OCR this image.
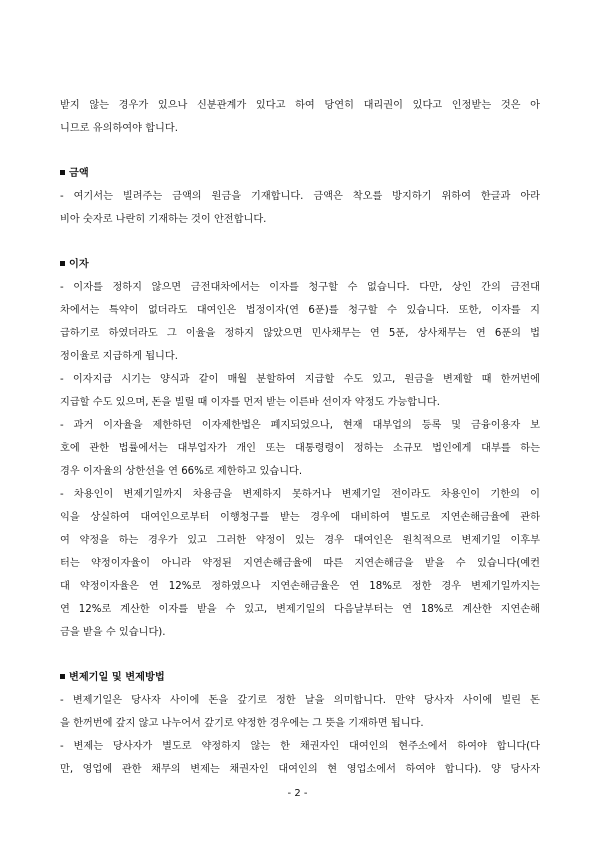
받지 않는 경우가 있으나 신분관계가 있다고 하여 당연히 대리권이 있다고 인정받는 것은 아
니므로 유의하여야 합니다.
금액
- 여기서는 빌려주는 금액의 원금을 기재합니다. 금액은 착오를 방지하기 위하여 한글과 아라
비아 숫자로 나란히 기재하는 것이 안전합니다.
이자
- 이자를 정하지 않으면 금전대차에서는 이자를 청구할 수 없습니다. 다만, 상인 간의 금전대
차에서는 특약이 없더라도 대여인은 법정이자(연 6푼)를 청구할 수 있습니다. 또한, 이자를 지
급하기로 하였더라도 그 이율을 정하지 않았으면 민사채무는 연 5푼, 상사채무는 연 6푼의 법
정이율로 지급하게 됩니다.
- 이자지급 시기는 양식과 같이 매월 분할하여 지급할 수도 있고, 원금을 변제할 때 한꺼번에
지급할 수도 있으며, 돈을 빌릴 때 이자를 먼저 받는 이른바 선이자 약정도 가능합니다.
- 과거 이자율을 제한하던 이자제한법은 폐지되었으나, 현재 대부업의 등록 및 금융이용자 보
호에 관한 법률에서는 대부업자가 개인 또는 대통령령이 정하는 소규모 법인에게 대부를 하는
경우 이자율의 상한선을 연 66%로 제한하고 있습니다.
- 차용인이 변제기일까지 차용금을 변제하지 못하거나 변제기일 전이라도 차용인이 기한의 이
익을 상실하여 대여인으로부터 이행청구를 받는 경우에 대비하여 별도로 지연손해금율에 관하
여 약정을 하는 경우가 있고 그러한 약정이 있는 경우 대여인은 원칙적으로 변제기일 이후부
터는 약정이자율이 아니라 약정된 지연손해금율에 따른 지연손해금을 받을 수 있습니다(예컨
대 약정이자율은 연 12%로 정하였으나 지연손해금율은 연 18%로 정한 경우 변제기일까지는
연 12%로 계산한 이자를 받을 수 있고, 변제기일의 다음날부터는 연 18%로 계산한 지연손해
금을 받을 수 있습니다).
변제기일 및 변제방법
- 변제기일은 당사자 사이에 돈을 갚기로 정한 날을 의미합니다. 만약 당사자 사이에 빌린 돈
을 한꺼번에 갚지 않고 나누어서 갚기로 약정한 경우에는 그 뜻을 기재하면 됩니다.
- 변제는 당사자가 별도로 약정하지 않는 한 채권자인 대여인의 현주소에서 하여야 합니다(다
만, 영업에 관한 채무의 변제는 채권자인 대여인의 현 영업소에서 하여야 합니다). 양 당사자
- 2 -
